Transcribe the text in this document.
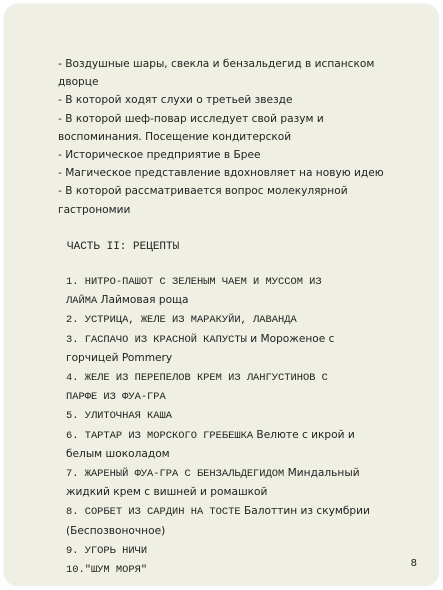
- Воздушные шары, свекла и бензальдегид в испанском
дворце
- В которой ходят слухи о третьей звезде
- В которой шеф-повар исследует свой разум и
воспоминания. Посещение кондитерской
- Историческое предприятие в Брее
- Магическое представление вдохновляет на новую идею
- В которой рассматривается вопрос молекулярной
гастрономии
ЧАСТЬ II: РЕЦЕПТЫ
1. НИТРО-ПАШОТ С ЗЕЛЕНЫМ ЧАЕМ И МУССОМ ИЗ
ЛАЙМА Лаймовая роща
2. УСТРИЦА, ЖЕЛЕ ИЗ МАРАКУЙИ, ЛАВАНДА
3. ГАСПАЧО ИЗ КРАСНОЙ КАПУСТЫ и Мороженое с
горчицей Pommery
4. ЖЕЛЕ ИЗ ПЕРЕПЕЛОВ КРЕМ ИЗ ЛАНГУСТИНОВ С
ПАРФЕ ИЗ ФУА-ГРА
5. УЛИТОЧНАЯ КАША
6. ТАРТАР ИЗ МОРСКОГО ГРЕБЕШКА Велюте с икрой и
белым шоколадом
7. ЖАРЕНЫЙ ФУА-ГРА С БЕНЗАЛЬДЕГИДОМ Миндальный
жидкий крем с вишней и ромашкой
8. СОРБЕТ ИЗ САРДИН НА ТОСТЕ Балоттин из скумбрии
(Беспозвоночное)
9. УГОРЬ НИЧИ
10."ШУМ МОРЯ"
8
